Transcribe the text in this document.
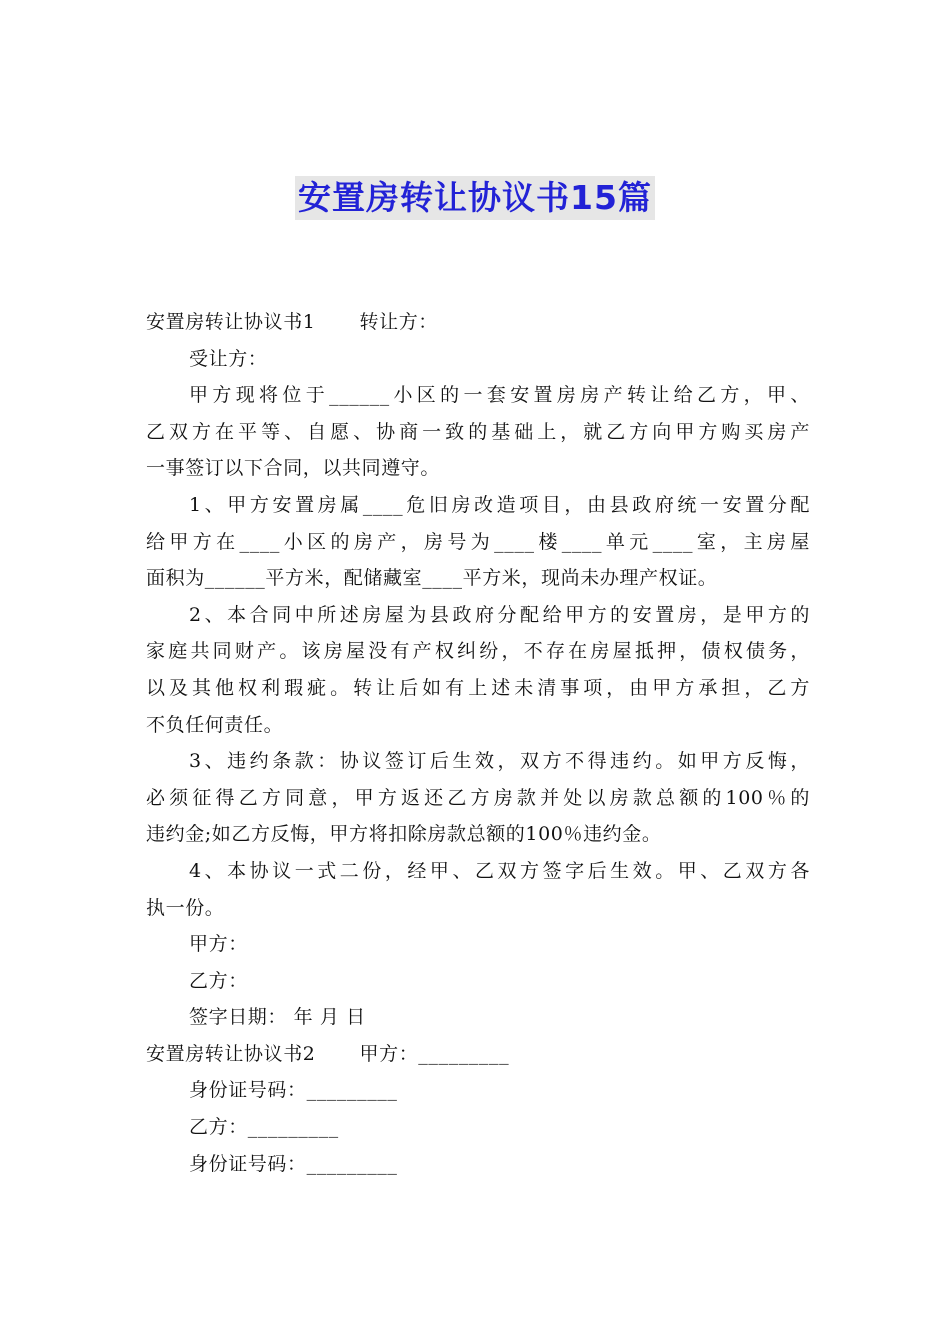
安置房转让协议书15篇
安置房转让协议书1 转让方：
受让方：
甲方现将位于______小区的一套安置房房产转让给乙方，甲、
乙双方在平等、自愿、协商一致的基础上，就乙方向甲方购买房产
一事签订以下合同，以共同遵守。
1、甲方安置房属____危旧房改造项目，由县政府统一安置分配
给甲方在____小区的房产，房号为____楼____单元____室，主房屋
面积为______平方米，配储藏室____平方米，现尚未办理产权证。
2、本合同中所述房屋为县政府分配给甲方的安置房，是甲方的
家庭共同财产。该房屋没有产权纠纷，不存在房屋抵押，债权债务，
以及其他权利瑕疵。转让后如有上述未清事项，由甲方承担，乙方
不负任何责任。
3、违约条款：协议签订后生效，双方不得违约。如甲方反悔，
必须征得乙方同意，甲方返还乙方房款并处以房款总额的100％的
违约金;如乙方反悔，甲方将扣除房款总额的100％违约金。
4、本协议一式二份，经甲、乙双方签字后生效。甲、乙双方各
执一份。
甲方：
乙方：
签字日期： 年 月 日
安置房转让协议书2 甲方：_________
身份证号码：_________
乙方：_________
身份证号码：_________
